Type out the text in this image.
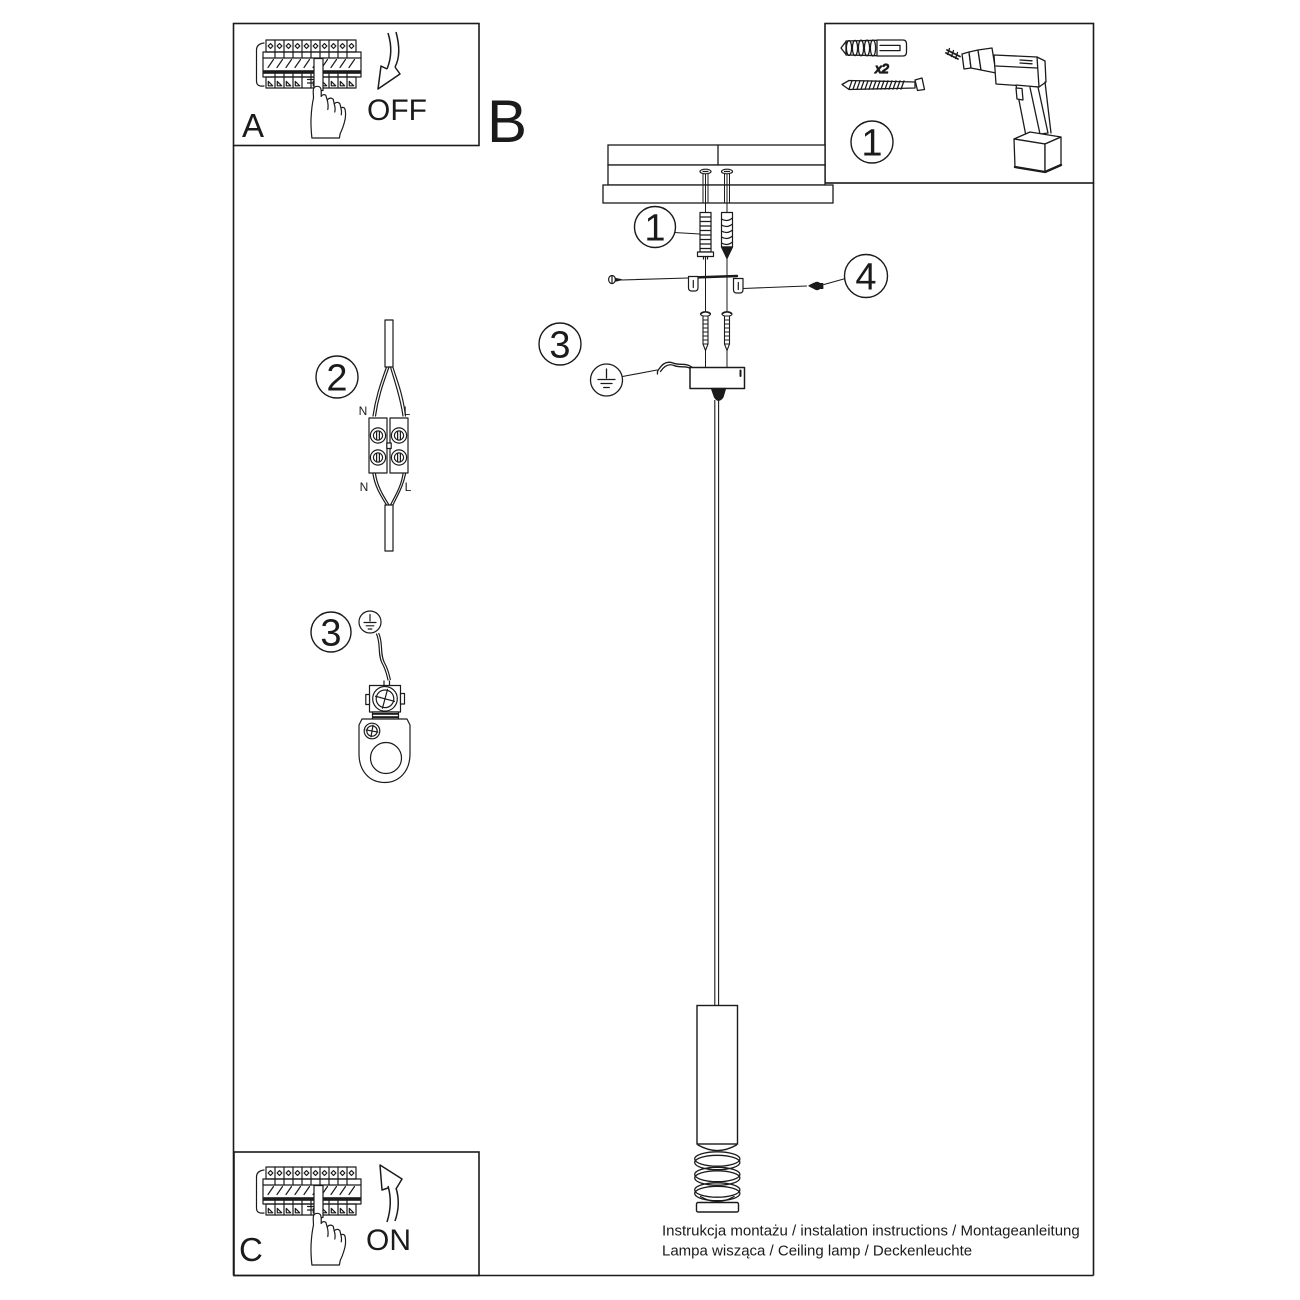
A	OFF B
x2
1
1
4
3
2
N	L
N	L
3
C	ON	Instrukcja montażu / instalation instructions / Montageanleitung
Lampa wisząca / Ceiling lamp / Deckenleuchte
